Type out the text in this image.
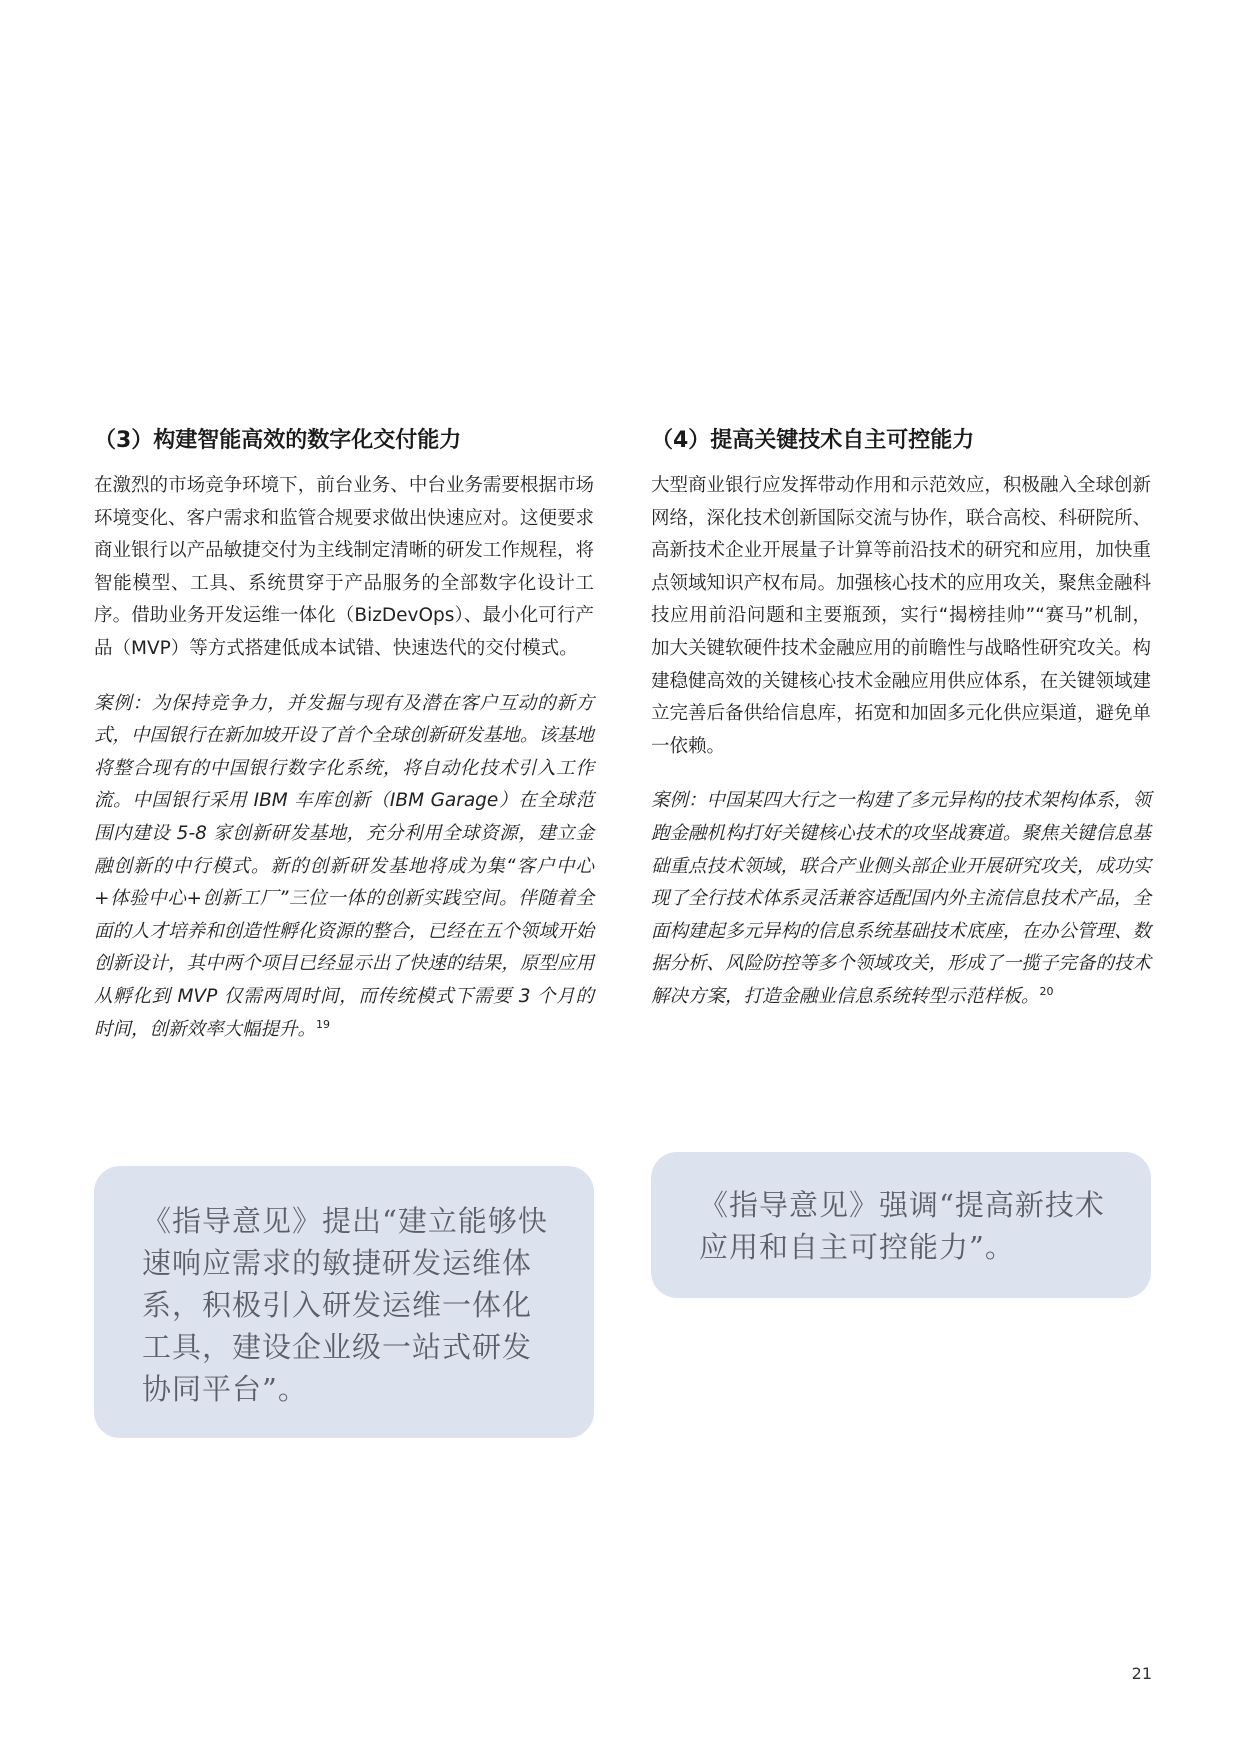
（3）构建智能高效的数字化交付能力

在激烈的市场竞争环境下，前台业务、中台业务需要根据市场环境变化、客户需求和监管合规要求做出快速应对。这便要求商业银行以产品敏捷交付为主线制定清晰的研发工作规程，将智能模型、工具、系统贯穿于产品服务的全部数字化设计工序。借助业务开发运维一体化（BizDevOps）、最小化可行产品（MVP）等方式搭建低成本试错、快速迭代的交付模式。

案例：为保持竞争力，并发掘与现有及潜在客户互动的新方式，中国银行在新加坡开设了首个全球创新研发基地。该基地将整合现有的中国银行数字化系统，将自动化技术引入工作流。中国银行采用 IBM 车库创新（IBM Garage）在全球范围内建设 5-8 家创新研发基地，充分利用全球资源，建立金融创新的中行模式。新的创新研发基地将成为集“客户中心+体验中心+创新工厂”三位一体的创新实践空间。伴随着全面的人才培养和创造性孵化资源的整合，已经在五个领域开始创新设计，其中两个项目已经显示出了快速的结果，原型应用从孵化到 MVP 仅需两周时间，而传统模式下需要 3 个月的时间，创新效率大幅提升。$^{19}$

（4）提高关键技术自主可控能力

大型商业银行应发挥带动作用和示范效应，积极融入全球创新网络，深化技术创新国际交流与协作，联合高校、科研院所、高新技术企业开展量子计算等前沿技术的研究和应用，加快重点领域知识产权布局。加强核心技术的应用攻关，聚焦金融科技应用前沿问题和主要瓶颈，实行“揭榜挂帅”“赛马”机制，加大关键软硬件技术金融应用的前瞻性与战略性研究攻关。构建稳健高效的关键核心技术金融应用供应体系，在关键领域建立完善后备供给信息库，拓宽和加固多元化供应渠道，避免单一依赖。

案例：中国某四大行之一构建了多元异构的技术架构体系，领跑金融机构打好关键核心技术的攻坚战赛道。聚焦关键信息基础重点技术领域，联合产业侧头部企业开展研究攻关，成功实现了全行技术体系灵活兼容适配国内外主流信息技术产品，全面构建起多元异构的信息系统基础技术底座，在办公管理、数据分析、风险防控等多个领域攻关，形成了一揽子完备的技术解决方案，打造金融业信息系统转型示范样板。$^{20}$

《指导意见》提出“建立能够快速响应需求的敏捷研发运维体系，积极引入研发运维一体化工具，建设企业级一站式研发协同平台”。

《指导意见》强调“提高新技术应用和自主可控能力”。

21
